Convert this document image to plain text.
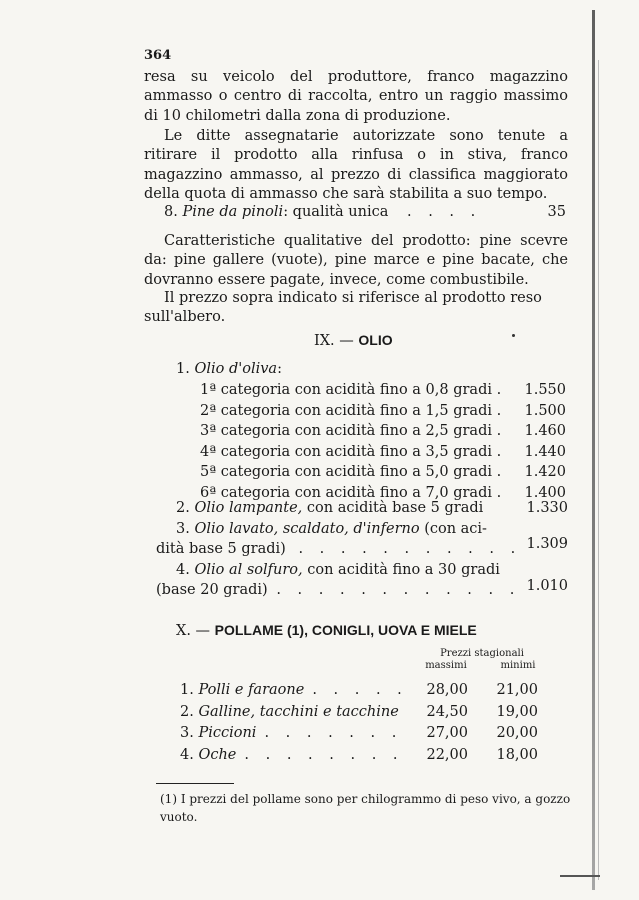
364

resa su veicolo del produttore, franco magazzino ammasso o centro di raccolta, entro un raggio massimo di 10 chilometri dalla zona di produzione.

Le ditte assegnatarie autorizzate sono tenute a ritirare il prodotto alla rinfusa o in stiva, franco magazzino ammasso, al prezzo di classifica maggiorato della quota di ammasso che sarà stabilita a suo tempo.

8. Pine da pinoli: qualità unica . . . .	35

Caratteristiche qualitative del prodotto: pine scevre da: pine gallere (vuote), pine marce e pine bacate, che dovranno essere pagate, invece, come combustibile.

Il prezzo sopra indicato si riferisce al prodotto reso sull'albero.

IX. — OLIO
1. Olio d'oliva:
1ª categoria con acidità fino a 0,8 gradi .	1.550
2ª categoria con acidità fino a 1,5 gradi .	1.500
3ª categoria con acidità fino a 2,5 gradi .	1.460
4ª categoria con acidità fino a 3,5 gradi .	1.440
5ª categoria con acidità fino a 5,0 gradi .	1.420
6ª categoria con acidità fino a 7,0 gradi .	1.400
2. Olio lampante, con acidità base 5 gradi	1.330
3. Olio lavato, scaldato, d'inferno (con aci-
dità base 5 gradi) . . . . . . . . . . . 1.309
4. Olio al solfuro, con acidità fino a 30 gradi
(base 20 gradi) . . . . . . . . . . . . 1.010
X. — POLLAME (1), CONIGLI, UOVA E MIELE
Prezzi stagionali
massimi	minimi
1. Polli e faraone . . . . .	28,00	21,00
2. Galline, tacchini e tacchine	24,50	19,00
3. Piccioni . . . . . . .	27,00	20,00
4. Oche . . . . . . . .	22,00	18,00

(1) I prezzi del pollame sono per chilogrammo di peso vivo, a gozzo vuoto.
